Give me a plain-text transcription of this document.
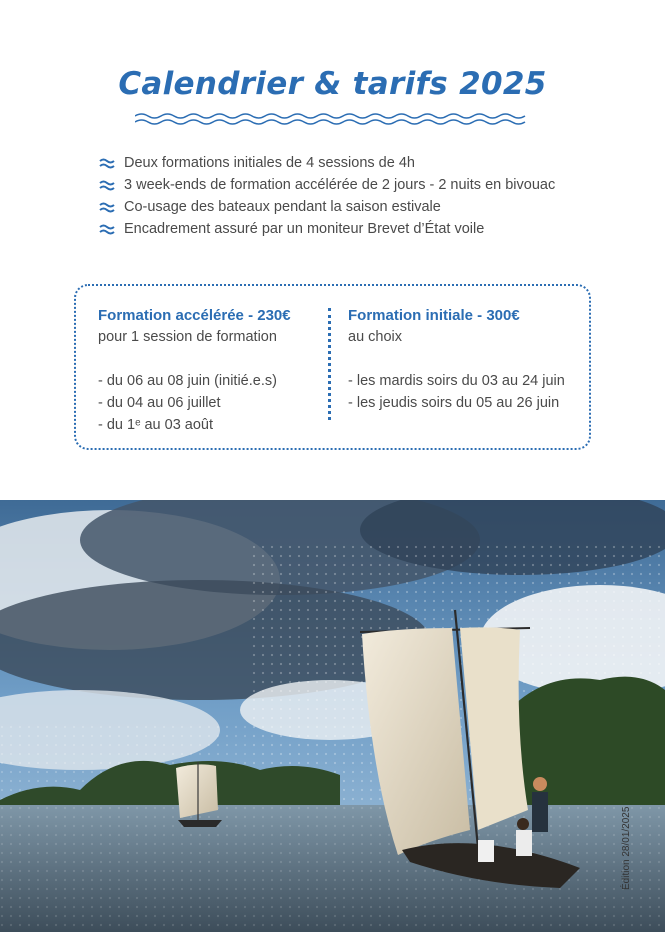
Calendrier & tarifs 2025
Deux formations initiales de 4 sessions de 4h
3 week-ends de formation accélérée de 2 jours - 2 nuits en bivouac
Co-usage des bateaux pendant la saison estivale
Encadrement assuré par un moniteur Brevet d’État voile
Formation accélérée - 230€

pour 1 session de formation

- du 06 au 08 juin (initié.e.s)
- du 04 au 06 juillet
- du 1ᵉ au 03 août
Formation initiale - 300€

au choix

- les mardis soirs du 03 au 24 juin
- les jeudis soirs du 05 au 26 juin
Édition 28/01/2025
